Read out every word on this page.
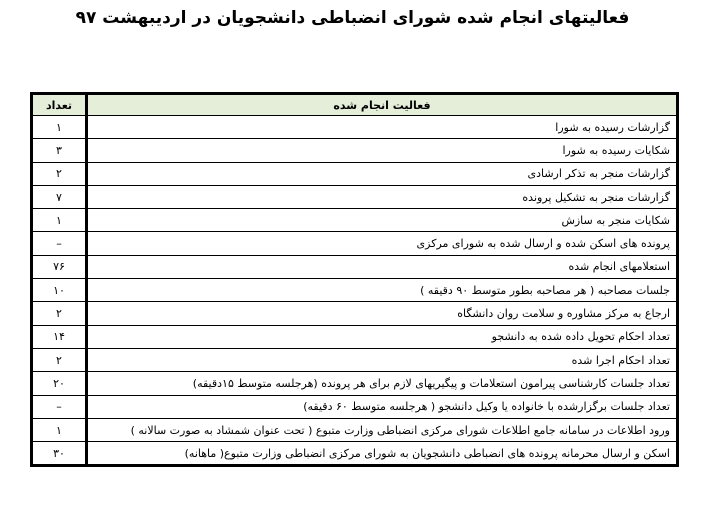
فعالیتهای انجام شده شورای انضباطی دانشجویان در اردیبهشت ۹۷
فعالیت انجام شده	تعداد
گزارشات رسیده به شورا	۱
شکایات رسیده به شورا	۳
گزارشات منجر به تذکر ارشادی	۲
گزارشات منجر به تشکیل پرونده	۷
شکایات منجر به سازش	۱
پرونده های اسکن شده و ارسال شده به شورای مرکزی	–
استعلامهای انجام شده	۷۶
جلسات مصاحبه ( هر مصاحبه بطور متوسط ۹۰ دقیقه )	۱۰
ارجاع به مرکز مشاوره و سلامت روان دانشگاه	۲
تعداد احکام تحویل داده شده به دانشجو	۱۴
تعداد احکام اجرا شده	۲
تعداد جلسات کارشناسی پیرامون استعلامات و پیگیریهای لازم برای هر پرونده (هرجلسه متوسط ۱۵دقیقه)	۲۰
تعداد جلسات برگزارشده با خانواده یا وکیل دانشجو ( هرجلسه متوسط ۶۰ دقیقه)	–
ورود اطلاعات در سامانه جامع اطلاعات شورای مرکزی انضباطی وزارت متبوع ( تحت عنوان شمشاد به صورت سالانه )	۱
اسکن و ارسال محرمانه پرونده های انضباطی دانشجویان به شورای مرکزی انضباطی وزارت متبوع( ماهانه)	۳۰
